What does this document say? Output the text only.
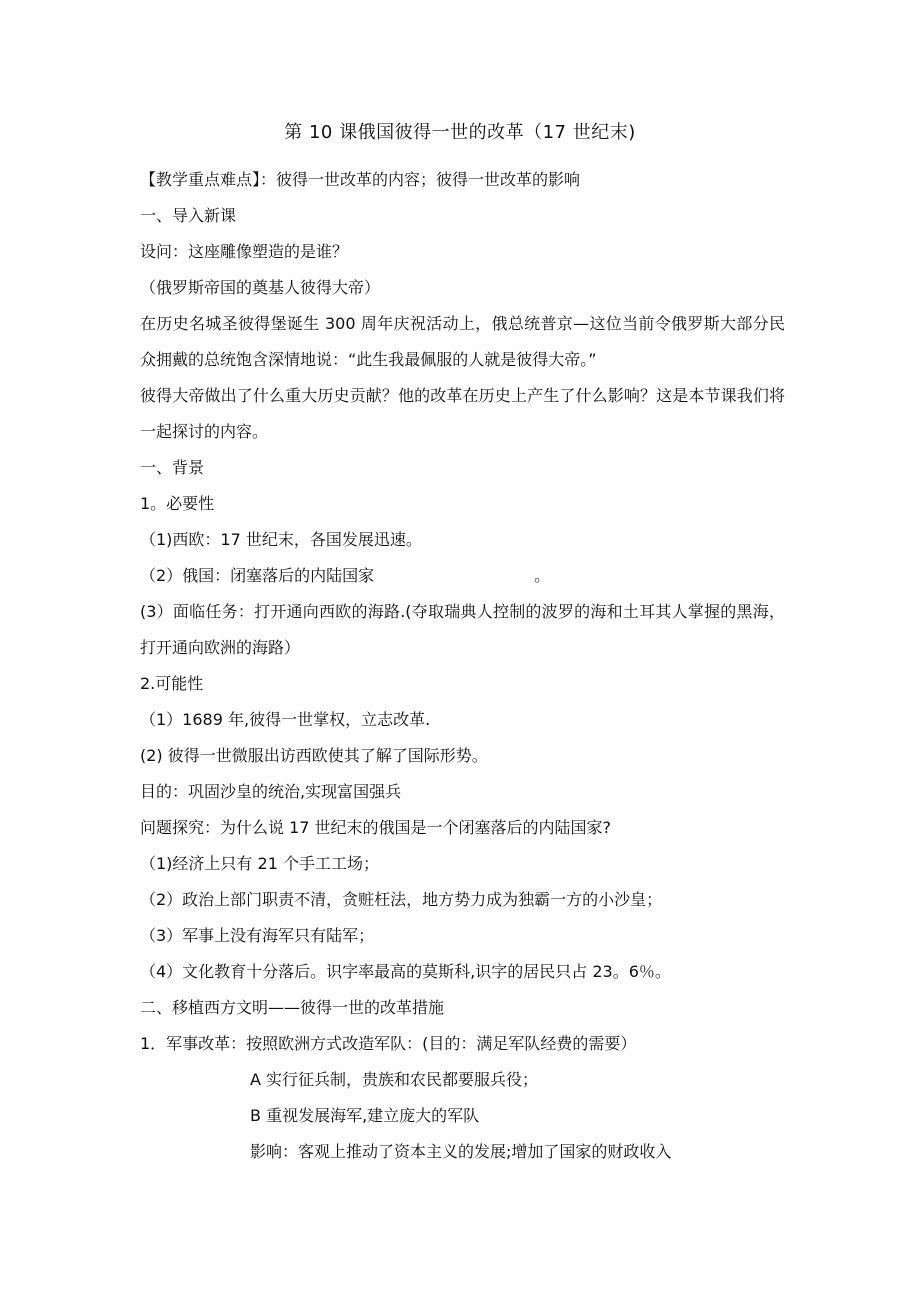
第 10 课俄国彼得一世的改革（17 世纪末)
【教学重点难点】：彼得一世改革的内容；彼得一世改革的影响
一、导入新课
设问：这座雕像塑造的是谁？
（俄罗斯帝国的奠基人彼得大帝）
在历史名城圣彼得堡诞生 300 周年庆祝活动上，俄总统普京—这位当前令俄罗斯大部分民众拥戴的总统饱含深情地说：“此生我最佩服的人就是彼得大帝。”
彼得大帝做出了什么重大历史贡献？他的改革在历史上产生了什么影响？这是本节课我们将一起探讨的内容。
一、背景
1。必要性
（1)西欧：17 世纪末，各国发展迅速。
（2）俄国：闭塞落后的内陆国家　　　　　　　　　　。
(3）面临任务：打开通向西欧的海路.(夺取瑞典人控制的波罗的海和土耳其人掌握的黑海，打开通向欧洲的海路）
2.可能性
（1）1689 年,彼得一世掌权，立志改革.
(2) 彼得一世微服出访西欧使其了解了国际形势。
目的：巩固沙皇的统治,实现富国强兵
问题探究：为什么说 17 世纪末的俄国是一个闭塞落后的内陆国家?
（1)经济上只有 21 个手工工场；
（2）政治上部门职责不清，贪赃枉法，地方势力成为独霸一方的小沙皇；
（3）军事上没有海军只有陆军；
（4）文化教育十分落后。识字率最高的莫斯科,识字的居民只占 23。6％。
二、移植西方文明——彼得一世的改革措施
1．军事改革：按照欧洲方式改造军队：(目的：满足军队经费的需要）
A 实行征兵制，贵族和农民都要服兵役；
B 重视发展海军,建立庞大的军队
影响：客观上推动了资本主义的发展;增加了国家的财政收入
